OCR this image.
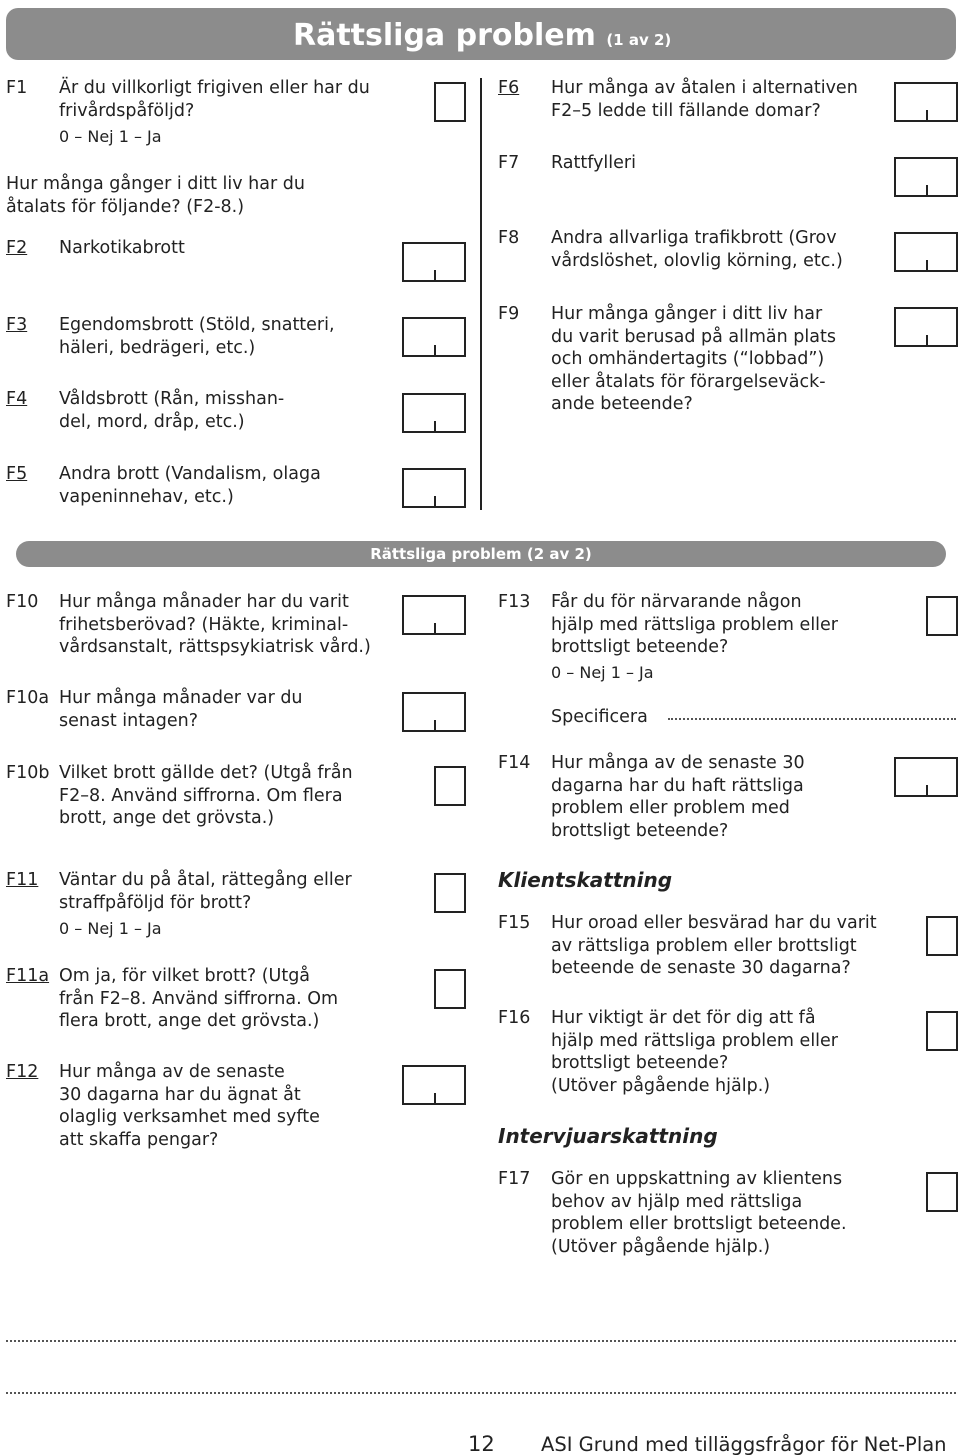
Rättsliga problem (1 av 2)
F1 Är du villkorligt frigiven eller har du
frivårdspåföljd?
0 – Nej 1 – Ja
Hur många gånger i ditt liv har du
åtalats för följande? (F2-8.)
F2 Narkotikabrott
F3 Egendomsbrott (Stöld, snatteri,
häleri, bedrägeri, etc.)
F4 Våldsbrott (Rån, misshan-
del, mord, dråp, etc.)
F5 Andra brott (Vandalism, olaga
vapeninnehav, etc.)
F6 Hur många av åtalen i alternativen
F2–5 ledde till fällande domar?
F7 Rattfylleri
F8 Andra allvarliga trafikbrott (Grov
vårdslöshet, olovlig körning, etc.)
F9 Hur många gånger i ditt liv har
du varit berusad på allmän plats
och omhändertagits (“lobbad”)
eller åtalats för förargelseväck-
ande beteende?
Rättsliga problem (2 av 2)
F10 Hur många månader har du varit
frihetsberövad? (Häkte, kriminal-
vårdsanstalt, rättspsykiatrisk vård.)
F10a Hur många månader var du
senast intagen?
F10b Vilket brott gällde det? (Utgå från
F2–8. Använd siffrorna. Om flera
brott, ange det grövsta.)
F11 Väntar du på åtal, rättegång eller
straffpåföljd för brott?
0 – Nej 1 – Ja
F11a Om ja, för vilket brott? (Utgå
från F2–8. Använd siffrorna. Om
flera brott, ange det grövsta.)
F12 Hur många av de senaste
30 dagarna har du ägnat åt
olaglig verksamhet med syfte
att skaffa pengar?
F13 Får du för närvarande någon
hjälp med rättsliga problem eller
brottsligt beteende?
0 – Nej 1 – Ja
Specificera
F14 Hur många av de senaste 30
dagarna har du haft rättsliga
problem eller problem med
brottsligt beteende?
Klientskattning
F15 Hur oroad eller besvärad har du varit
av rättsliga problem eller brottsligt
beteende de senaste 30 dagarna?
F16 Hur viktigt är det för dig att få
hjälp med rättsliga problem eller
brottsligt beteende?
(Utöver pågående hjälp.)
Intervjuarskattning
F17 Gör en uppskattning av klientens
behov av hjälp med rättsliga
problem eller brottsligt beteende.
(Utöver pågående hjälp.)
12 ASI Grund med tilläggsfrågor för Net-Plan
